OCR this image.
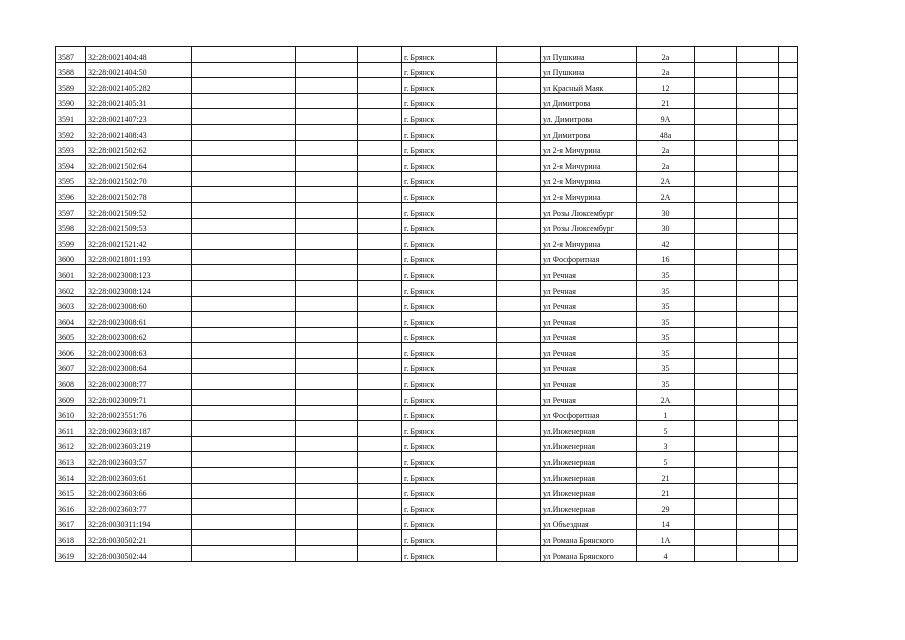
3587	32:28:0021404:48				г. Брянск		ул Пушкина	2а			
3588	32:28:0021404:50				г. Брянск		ул Пушкина	2а			
3589	32:28:0021405:282				г. Брянск		ул Красный Маяк	12			
3590	32:28:0021405:31				г. Брянск		ул Димитрова	21			
3591	32:28:0021407:23				г. Брянск		ул. Димитрова	9А			
3592	32:28:0021408:43				г. Брянск		ул Димитрова	48а			
3593	32:28:0021502:62				г. Брянск		ул 2-я Мичурина	2а			
3594	32:28:0021502:64				г. Брянск		ул 2-я Мичурина	2а			
3595	32:28:0021502:70				г. Брянск		ул 2-я Мичурина	2А			
3596	32:28:0021502:78				г. Брянск		ул 2-я Мичурина	2А			
3597	32:28:0021509:52				г. Брянск		ул Розы Люксембург	30			
3598	32:28:0021509:53				г. Брянск		ул Розы Люксембург	30			
3599	32:28:0021521:42				г. Брянск		ул 2-я Мичурина	42			
3600	32:28:0021801:193				г. Брянск		ул Фосфоритная	16			
3601	32:28:0023008:123				г. Брянск		ул Речная	35			
3602	32:28:0023008:124				г. Брянск		ул Речная	35			
3603	32:28:0023008:60				г. Брянск		ул Речная	35			
3604	32:28:0023008:61				г. Брянск		ул Речная	35			
3605	32:28:0023008:62				г. Брянск		ул Речная	35			
3606	32:28:0023008:63				г. Брянск		ул Речная	35			
3607	32:28:0023008:64				г. Брянск		ул Речная	35			
3608	32:28:0023008:77				г. Брянск		ул Речная	35			
3609	32:28:0023009:71				г. Брянск		ул Речная	2А			
3610	32:28:0023551:76				г. Брянск		ул Фосфоритная	1			
3611	32:28:0023603:187				г. Брянск		ул.Инженерная	5			
3612	32:28:0023603:219				г. Брянск		ул.Инженерная	3			
3613	32:28:0023603:57				г. Брянск		ул.Инженерная	5			
3614	32:28:0023603:61				г. Брянск		ул.Инженерная	21			
3615	32:28:0023603:66				г. Брянск		ул Инженерная	21			
3616	32:28:0023603:77				г. Брянск		ул.Инженерная	29			
3617	32:28:0030311:194				г. Брянск		ул Объездная	14			
3618	32:28:0030502:21				г. Брянск		ул Романа Брянского	1А			
3619	32:28:0030502:44				г. Брянск		ул Романа Брянского	4			
